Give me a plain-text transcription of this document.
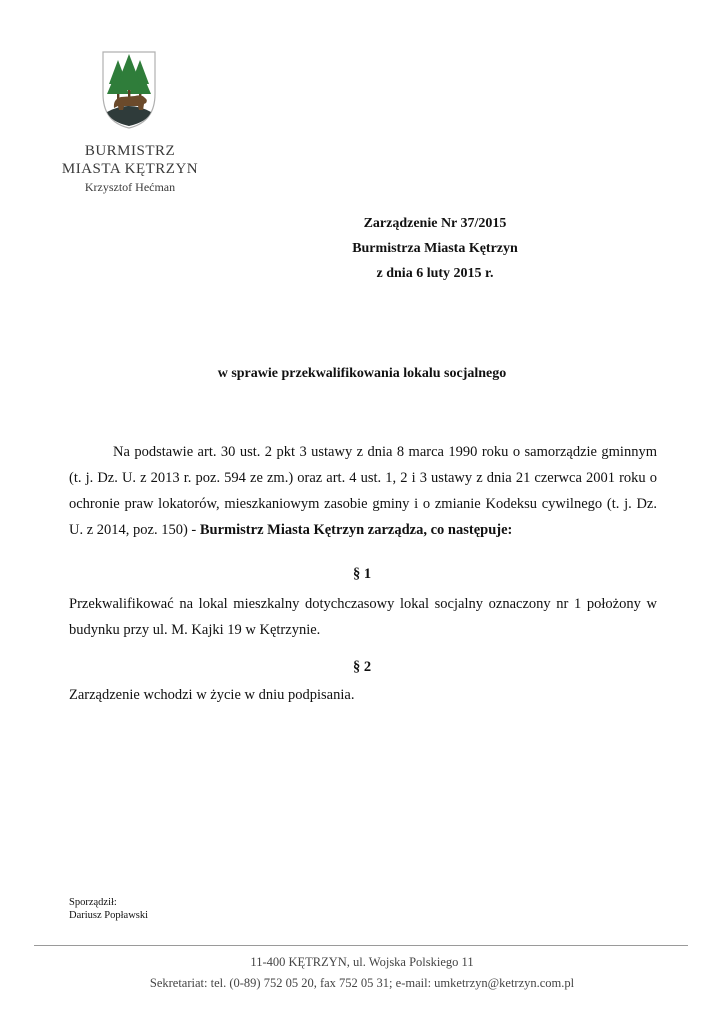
BURMISTRZ
MIASTA KĘTRZYN
Krzysztof Hećman
Zarządzenie Nr 37/2015
Burmistrza Miasta Kętrzyn
z dnia 6 luty 2015 r.
w sprawie przekwalifikowania lokalu socjalnego
Na podstawie art. 30 ust. 2 pkt 3 ustawy z dnia 8 marca 1990 roku o samorządzie gminnym (t. j. Dz. U. z 2013 r. poz. 594 ze zm.) oraz art. 4 ust. 1, 2 i 3 ustawy z dnia 21 czerwca 2001 roku o ochronie praw lokatorów, mieszkaniowym zasobie gminy i o zmianie Kodeksu cywilnego (t. j. Dz. U. z 2014, poz. 150) - Burmistrz Miasta Kętrzyn zarządza, co następuje:
§ 1
Przekwalifikować na lokal mieszkalny dotychczasowy lokal socjalny oznaczony nr 1 położony w budynku przy ul. M. Kajki 19 w Kętrzynie.
§ 2
Zarządzenie wchodzi w życie w dniu podpisania.
Sporządził:
Dariusz Popławski
11-400 KĘTRZYN, ul. Wojska Polskiego 11
Sekretariat: tel. (0-89) 752 05 20, fax 752 05 31; e-mail: umketrzyn@ketrzyn.com.pl
